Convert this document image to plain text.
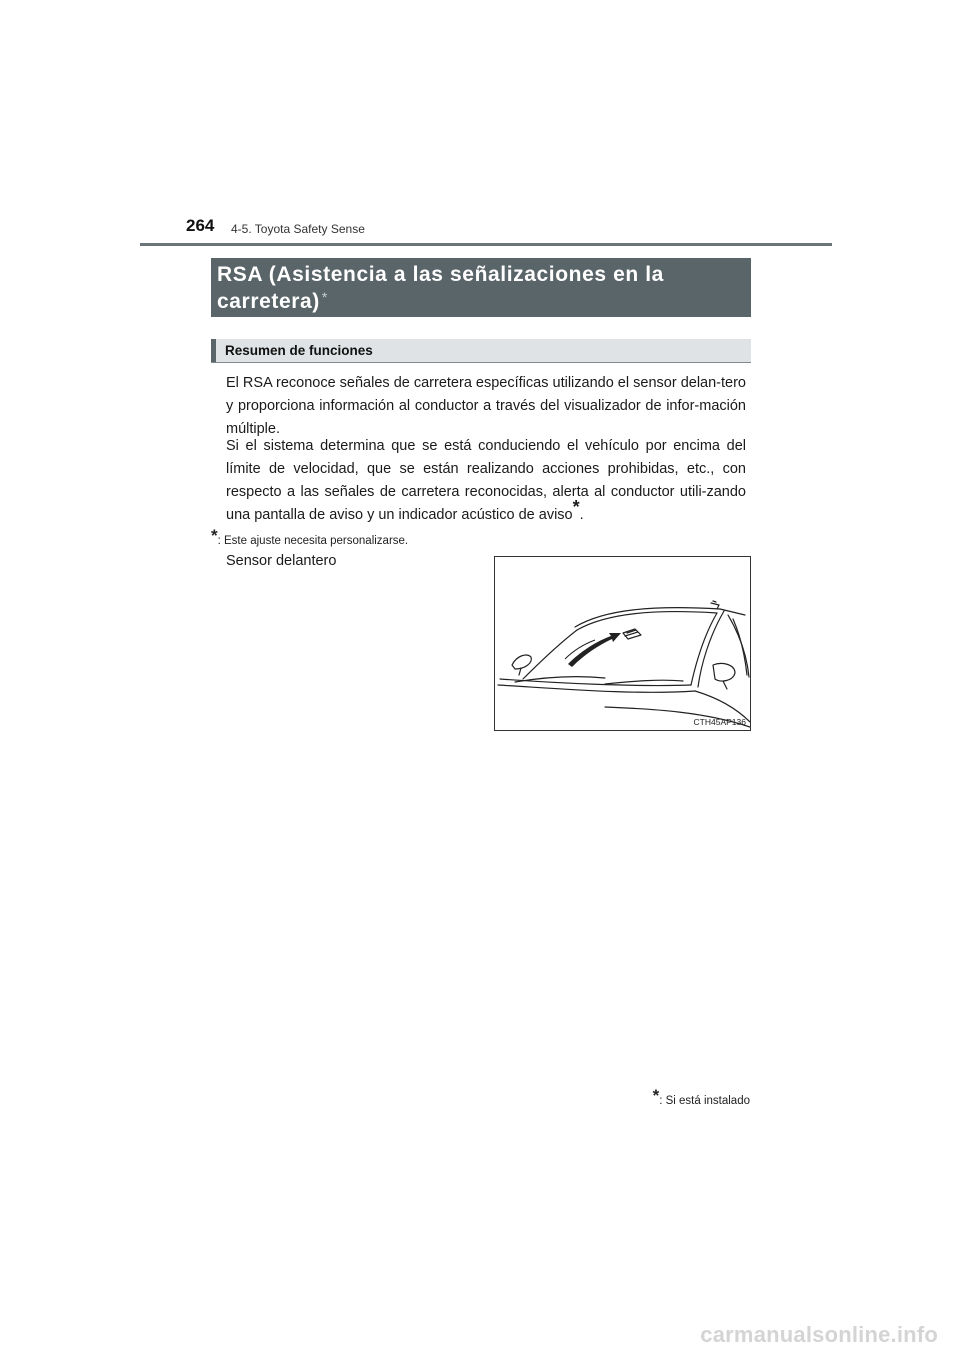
264 4-5. Toyota Safety Sense
RSA (Asistencia a las señalizaciones en la carretera) *
Resumen de funciones

El RSA reconoce señales de carretera específicas utilizando el sensor delan-tero y proporciona información al conductor a través del visualizador de infor-mación múltiple.

Si el sistema determina que se está conduciendo el vehículo por encima del límite de velocidad, que se están realizando acciones prohibidas, etc., con respecto a las señales de carretera reconocidas, alerta al conductor utili-zando una pantalla de aviso y un indicador acústico de aviso*.

*: Este ajuste necesita personalizarse.
Sensor delantero
CTH45AP136
*: Si está instalado
carmanualsonline.info
